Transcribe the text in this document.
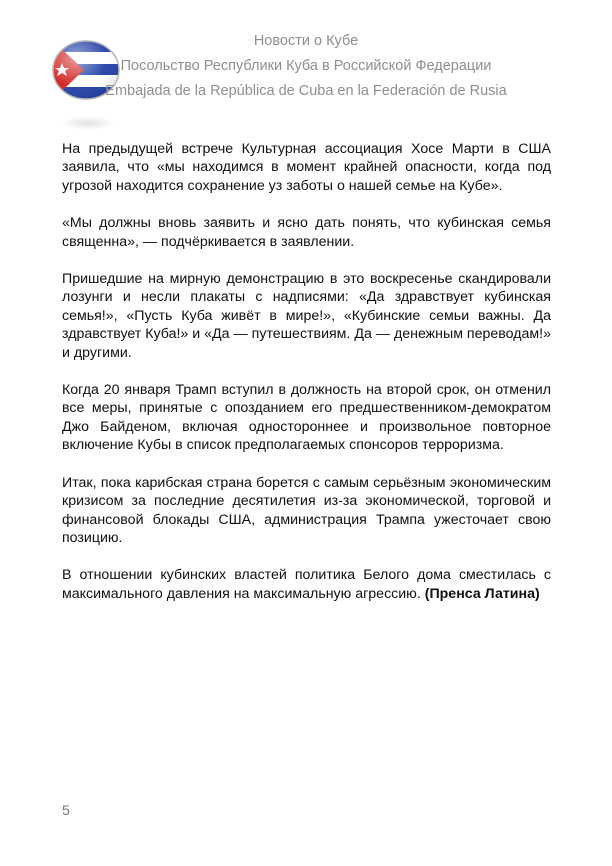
Новости о Кубе
Посольство Республики Куба в Российской Федерации
Embajada de la República de Cuba en la Federación de Rusia

На предыдущей встрече Культурная ассоциация Хосе Марти в США заявила, что «мы находимся в момент крайней опасности, когда под угрозой находится сохранение уз заботы о нашей семье на Кубе».

«Мы должны вновь заявить и ясно дать понять, что кубинская семья священна», — подчёркивается в заявлении.

Пришедшие на мирную демонстрацию в это воскресенье скандировали лозунги и несли плакаты с надписями: «Да здравствует кубинская семья!», «Пусть Куба живёт в мире!», «Кубинские семьи важны. Да здравствует Куба!» и «Да — путешествиям. Да — денежным переводам!» и другими.

Когда 20 января Трамп вступил в должность на второй срок, он отменил все меры, принятые с опозданием его предшественником-демократом Джо Байденом, включая одностороннее и произвольное повторное включение Кубы в список предполагаемых спонсоров терроризма.

Итак, пока карибская страна борется с самым серьёзным экономическим кризисом за последние десятилетия из-за экономической, торговой и финансовой блокады США, администрация Трампа ужесточает свою позицию.

В отношении кубинских властей политика Белого дома сместилась с максимального давления на максимальную агрессию. (Пренса Латина)

5
